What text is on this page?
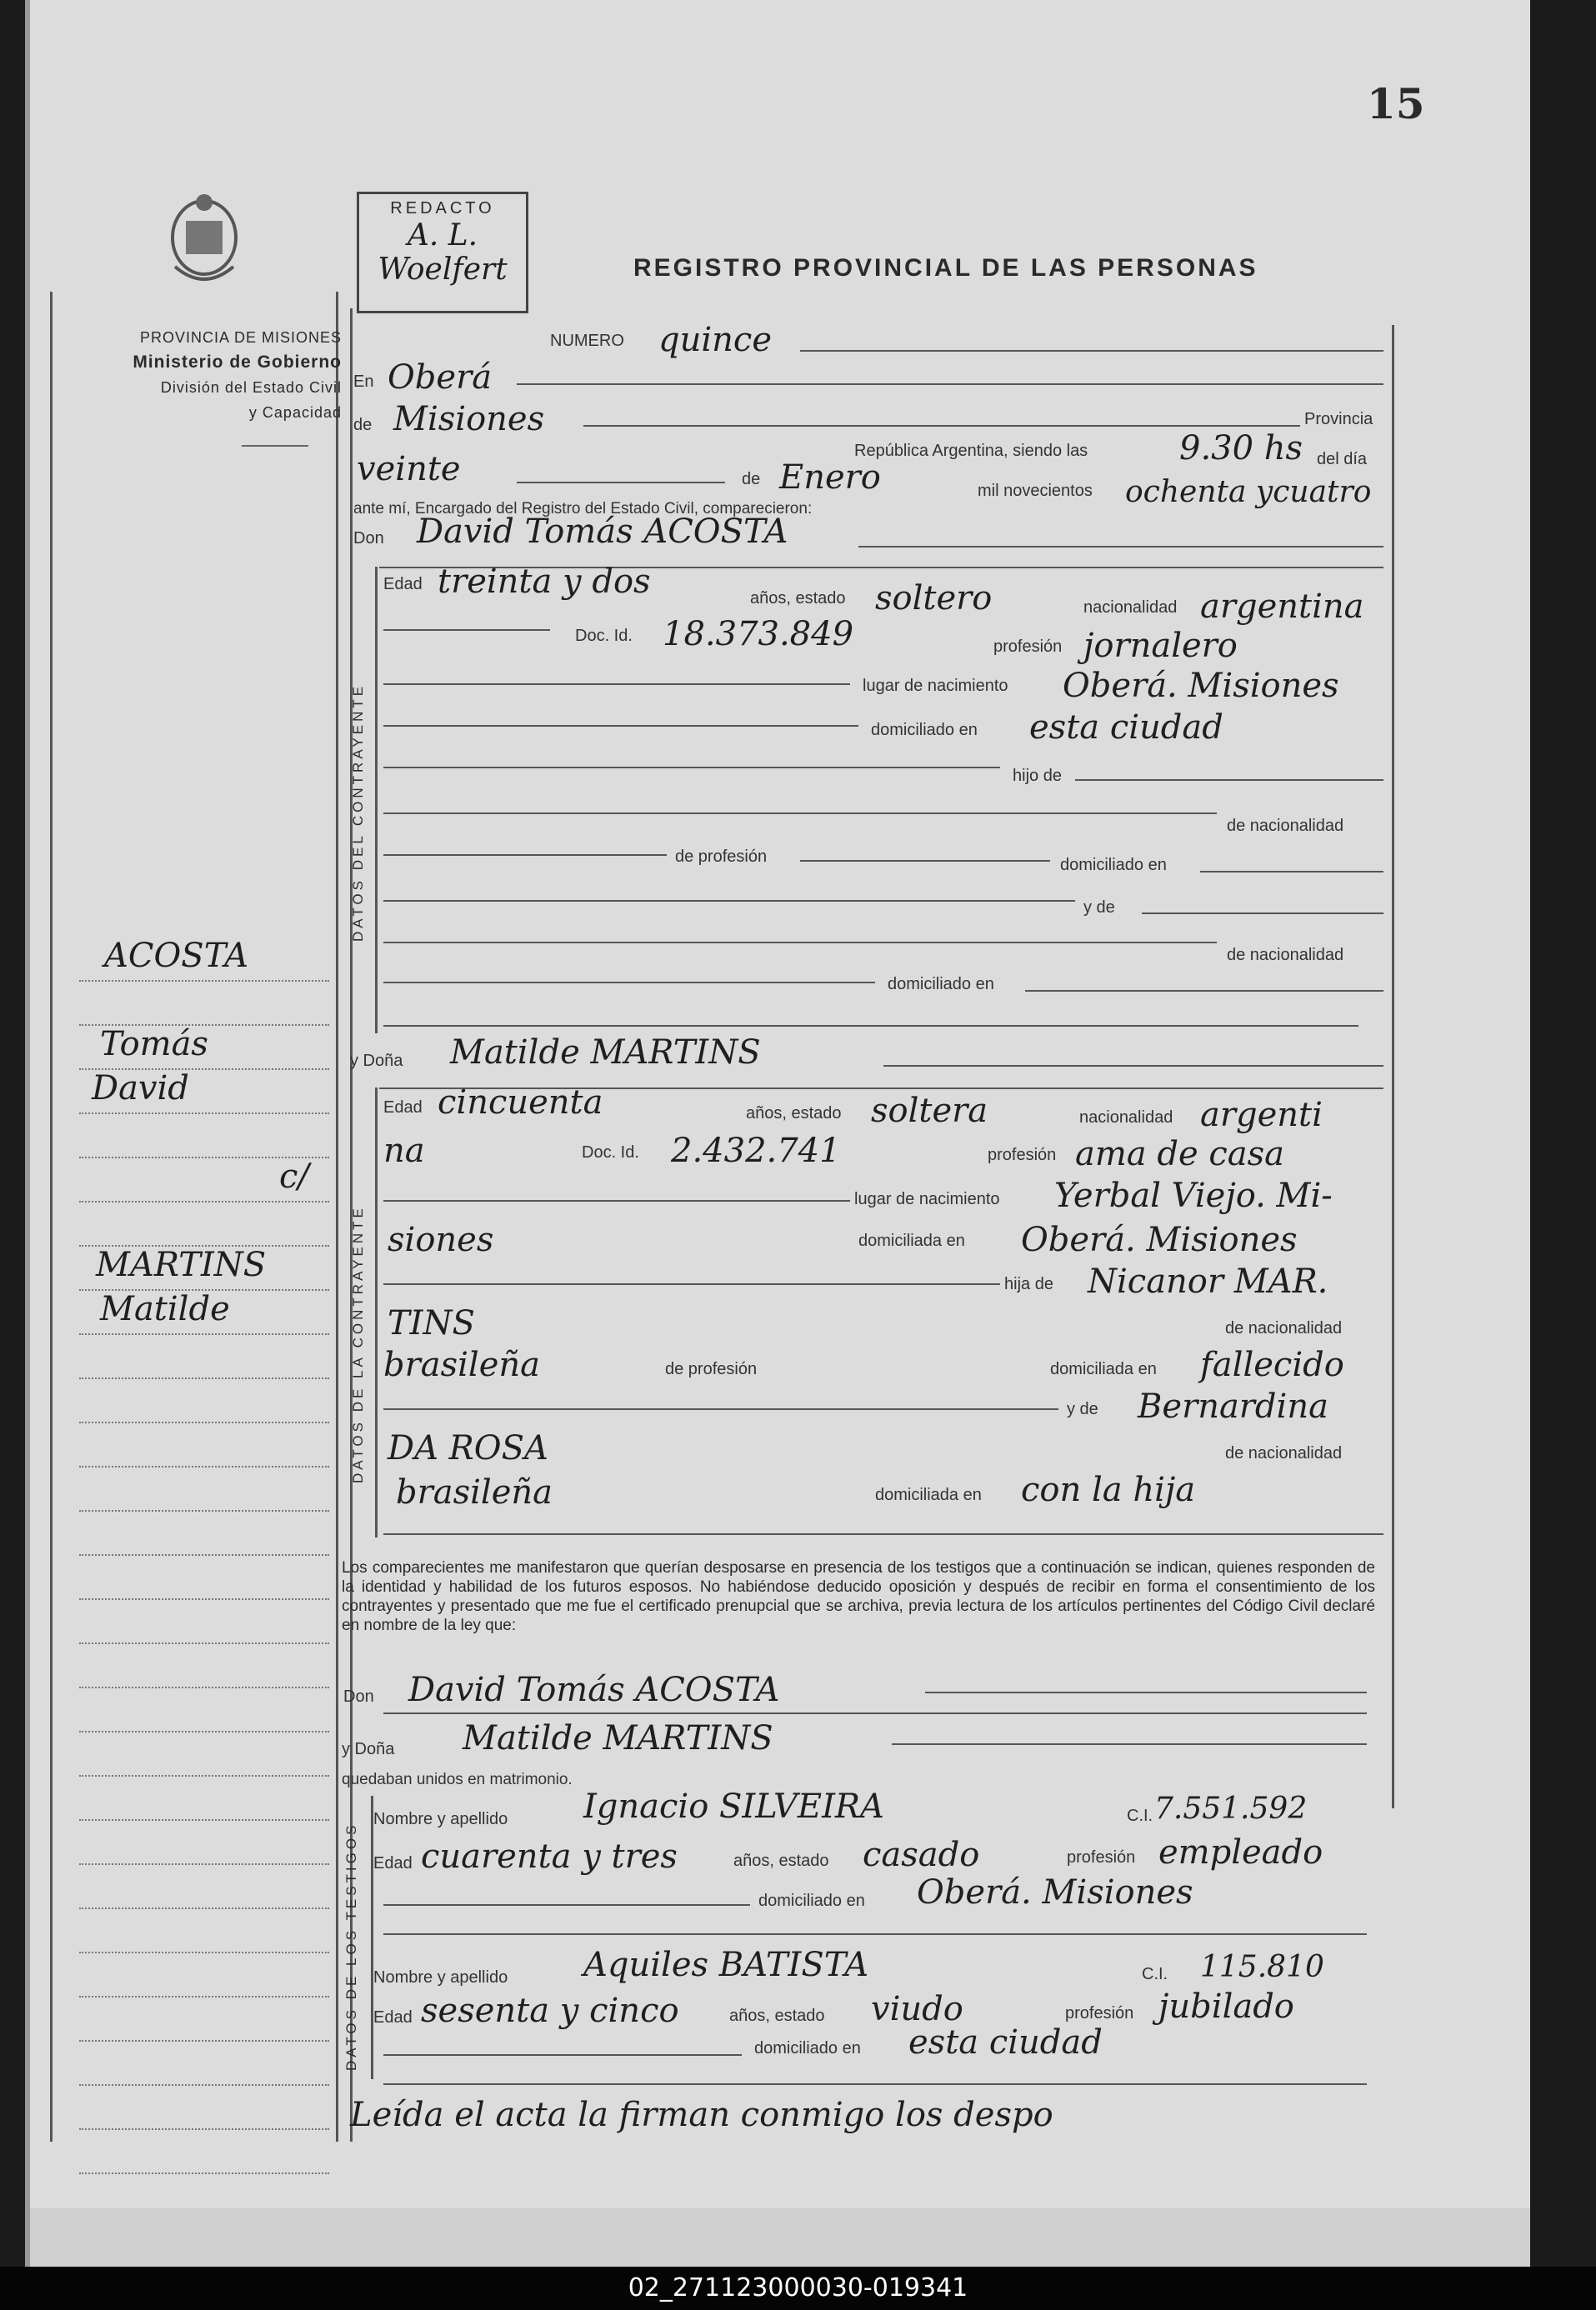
15
PROVINCIA DE MISIONES
Ministerio de Gobierno
División del Estado Civil
y Capacidad
ACOSTA
Tomás
David
c/
MARTINS
Matilde
REDACTO
A. L.
Woelfert	REGISTRO PROVINCIAL DE LAS PERSONAS
NUMERO quince
En Oberá
de Misiones	Provincia
República Argentina, siendo las	9.30 hs del día
veinte	de Enero	mil novecientos ochenta ycuatro
ante mí, Encargado del Registro del Estado Civil, comparecieron:
Don David Tomás ACOSTA
DATOS DEL CONTRAYENTE
Edad treinta y dos	años, estado soltero	nacionalidad argentina
Doc. Id. 18.373.849	profesión jornalero
lugar de nacimiento Oberá. Misiones
domiciliado en esta ciudad
hijo de
de nacionalidad
de profesión	domiciliado en
y de
de nacionalidad
domiciliado en
y Doña Matilde MARTINS
DATOS DE LA CONTRAYENTE
Edad cincuenta	años, estado soltera	nacionalidad argenti
na	Doc. Id. 2.432.741	profesión ama de casa
lugar de nacimiento Yerbal Viejo. Mi-
siones	domiciliada en Oberá. Misiones
hija de Nicanor MAR.
TINS	de nacionalidad
brasileña	de profesión	domiciliada en fallecido
y de Bernardina
DA ROSA	de nacionalidad
brasileña	domiciliada en con la hija
Los comparecientes me manifestaron que querían desposarse en presencia de los testigos que a continuación se indican, quienes responden de la identidad y habilidad de los futuros esposos. No habiéndose deducido oposición y después de recibir en forma el consentimiento de los contrayentes y presentado que me fue el certificado prenupcial que se archiva, previa lectura de los artículos pertinentes del Código Civil declaré en nombre de la ley que:
Don David Tomás ACOSTA
y Doña Matilde MARTINS
quedaban unidos en matrimonio.
DATOS DE LOS TESTIGOS
Nombre y apellido Ignacio SILVEIRA	C.I. 7.551.592
Edad cuarenta y tres	años, estado casado	profesión empleado
domiciliado en Oberá. Misiones
Nombre y apellido Aquiles BATISTA	C.I. 115.810
Edad sesenta y cinco	años, estado viudo	profesión jubilado
domiciliado en esta ciudad
Leída el acta la firman conmigo los despo
02_271123000030-019341
